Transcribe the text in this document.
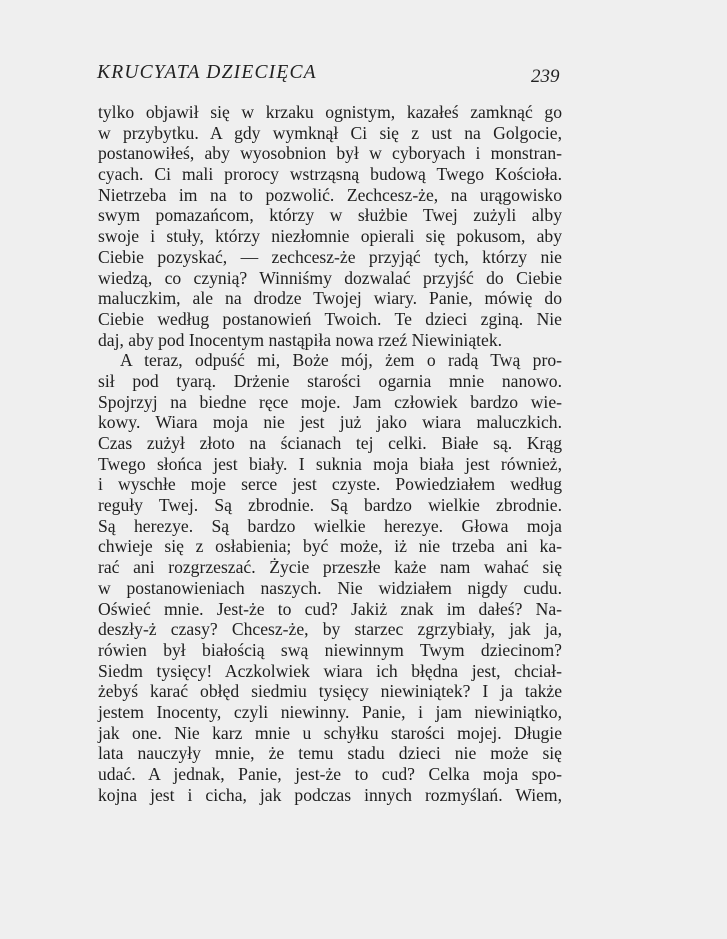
KRUCYATA DZIECIĘCA	239
tylko objawił się w krzaku ognistym, kazałeś zamknąć go
w przybytku. A gdy wymknął Ci się z ust na Golgocie,
postanowiłeś, aby wyosobnion był w cyboryach i monstran-
cyach. Ci mali prorocy wstrząsną budową Twego Kościoła.
Nietrzeba im na to pozwolić. Zechcesz-że, na urągowisko
swym pomazańcom, którzy w służbie Twej zużyli alby
swoje i stuły, którzy niezłomnie opierali się pokusom, aby
Ciebie pozyskać, — zechcesz-że przyjąć tych, którzy nie
wiedzą, co czynią? Winniśmy dozwalać przyjść do Ciebie
maluczkim, ale na drodze Twojej wiary. Panie, mówię do
Ciebie według postanowień Twoich. Te dzieci zginą. Nie
daj, aby pod Inocentym nastąpiła nowa rzeź Niewiniątek.
A teraz, odpuść mi, Boże mój, żem o radą Twą pro-
sił pod tyarą. Drżenie starości ogarnia mnie nanowo.
Spojrzyj na biedne ręce moje. Jam człowiek bardzo wie-
kowy. Wiara moja nie jest już jako wiara maluczkich.
Czas zużył złoto na ścianach tej celki. Białe są. Krąg
Twego słońca jest biały. I suknia moja biała jest również,
i wyschłe moje serce jest czyste. Powiedziałem według
reguły Twej. Są zbrodnie. Są bardzo wielkie zbrodnie.
Są herezye. Są bardzo wielkie herezye. Głowa moja
chwieje się z osłabienia; być może, iż nie trzeba ani ka-
rać ani rozgrzeszać. Życie przeszłe każe nam wahać się
w postanowieniach naszych. Nie widziałem nigdy cudu.
Oświeć mnie. Jest-że to cud? Jakiż znak im dałeś? Na-
deszły-ż czasy? Chcesz-że, by starzec zgrzybiały, jak ja,
rówien był białością swą niewinnym Twym dziecinom?
Siedm tysięcy! Aczkolwiek wiara ich błędna jest, chciał-
żebyś karać obłęd siedmiu tysięcy niewiniątek? I ja także
jestem Inocenty, czyli niewinny. Panie, i jam niewiniątko,
jak one. Nie karz mnie u schyłku starości mojej. Długie
lata nauczyły mnie, że temu stadu dzieci nie może się
udać. A jednak, Panie, jest-że to cud? Celka moja spo-
kojna jest i cicha, jak podczas innych rozmyślań. Wiem,
